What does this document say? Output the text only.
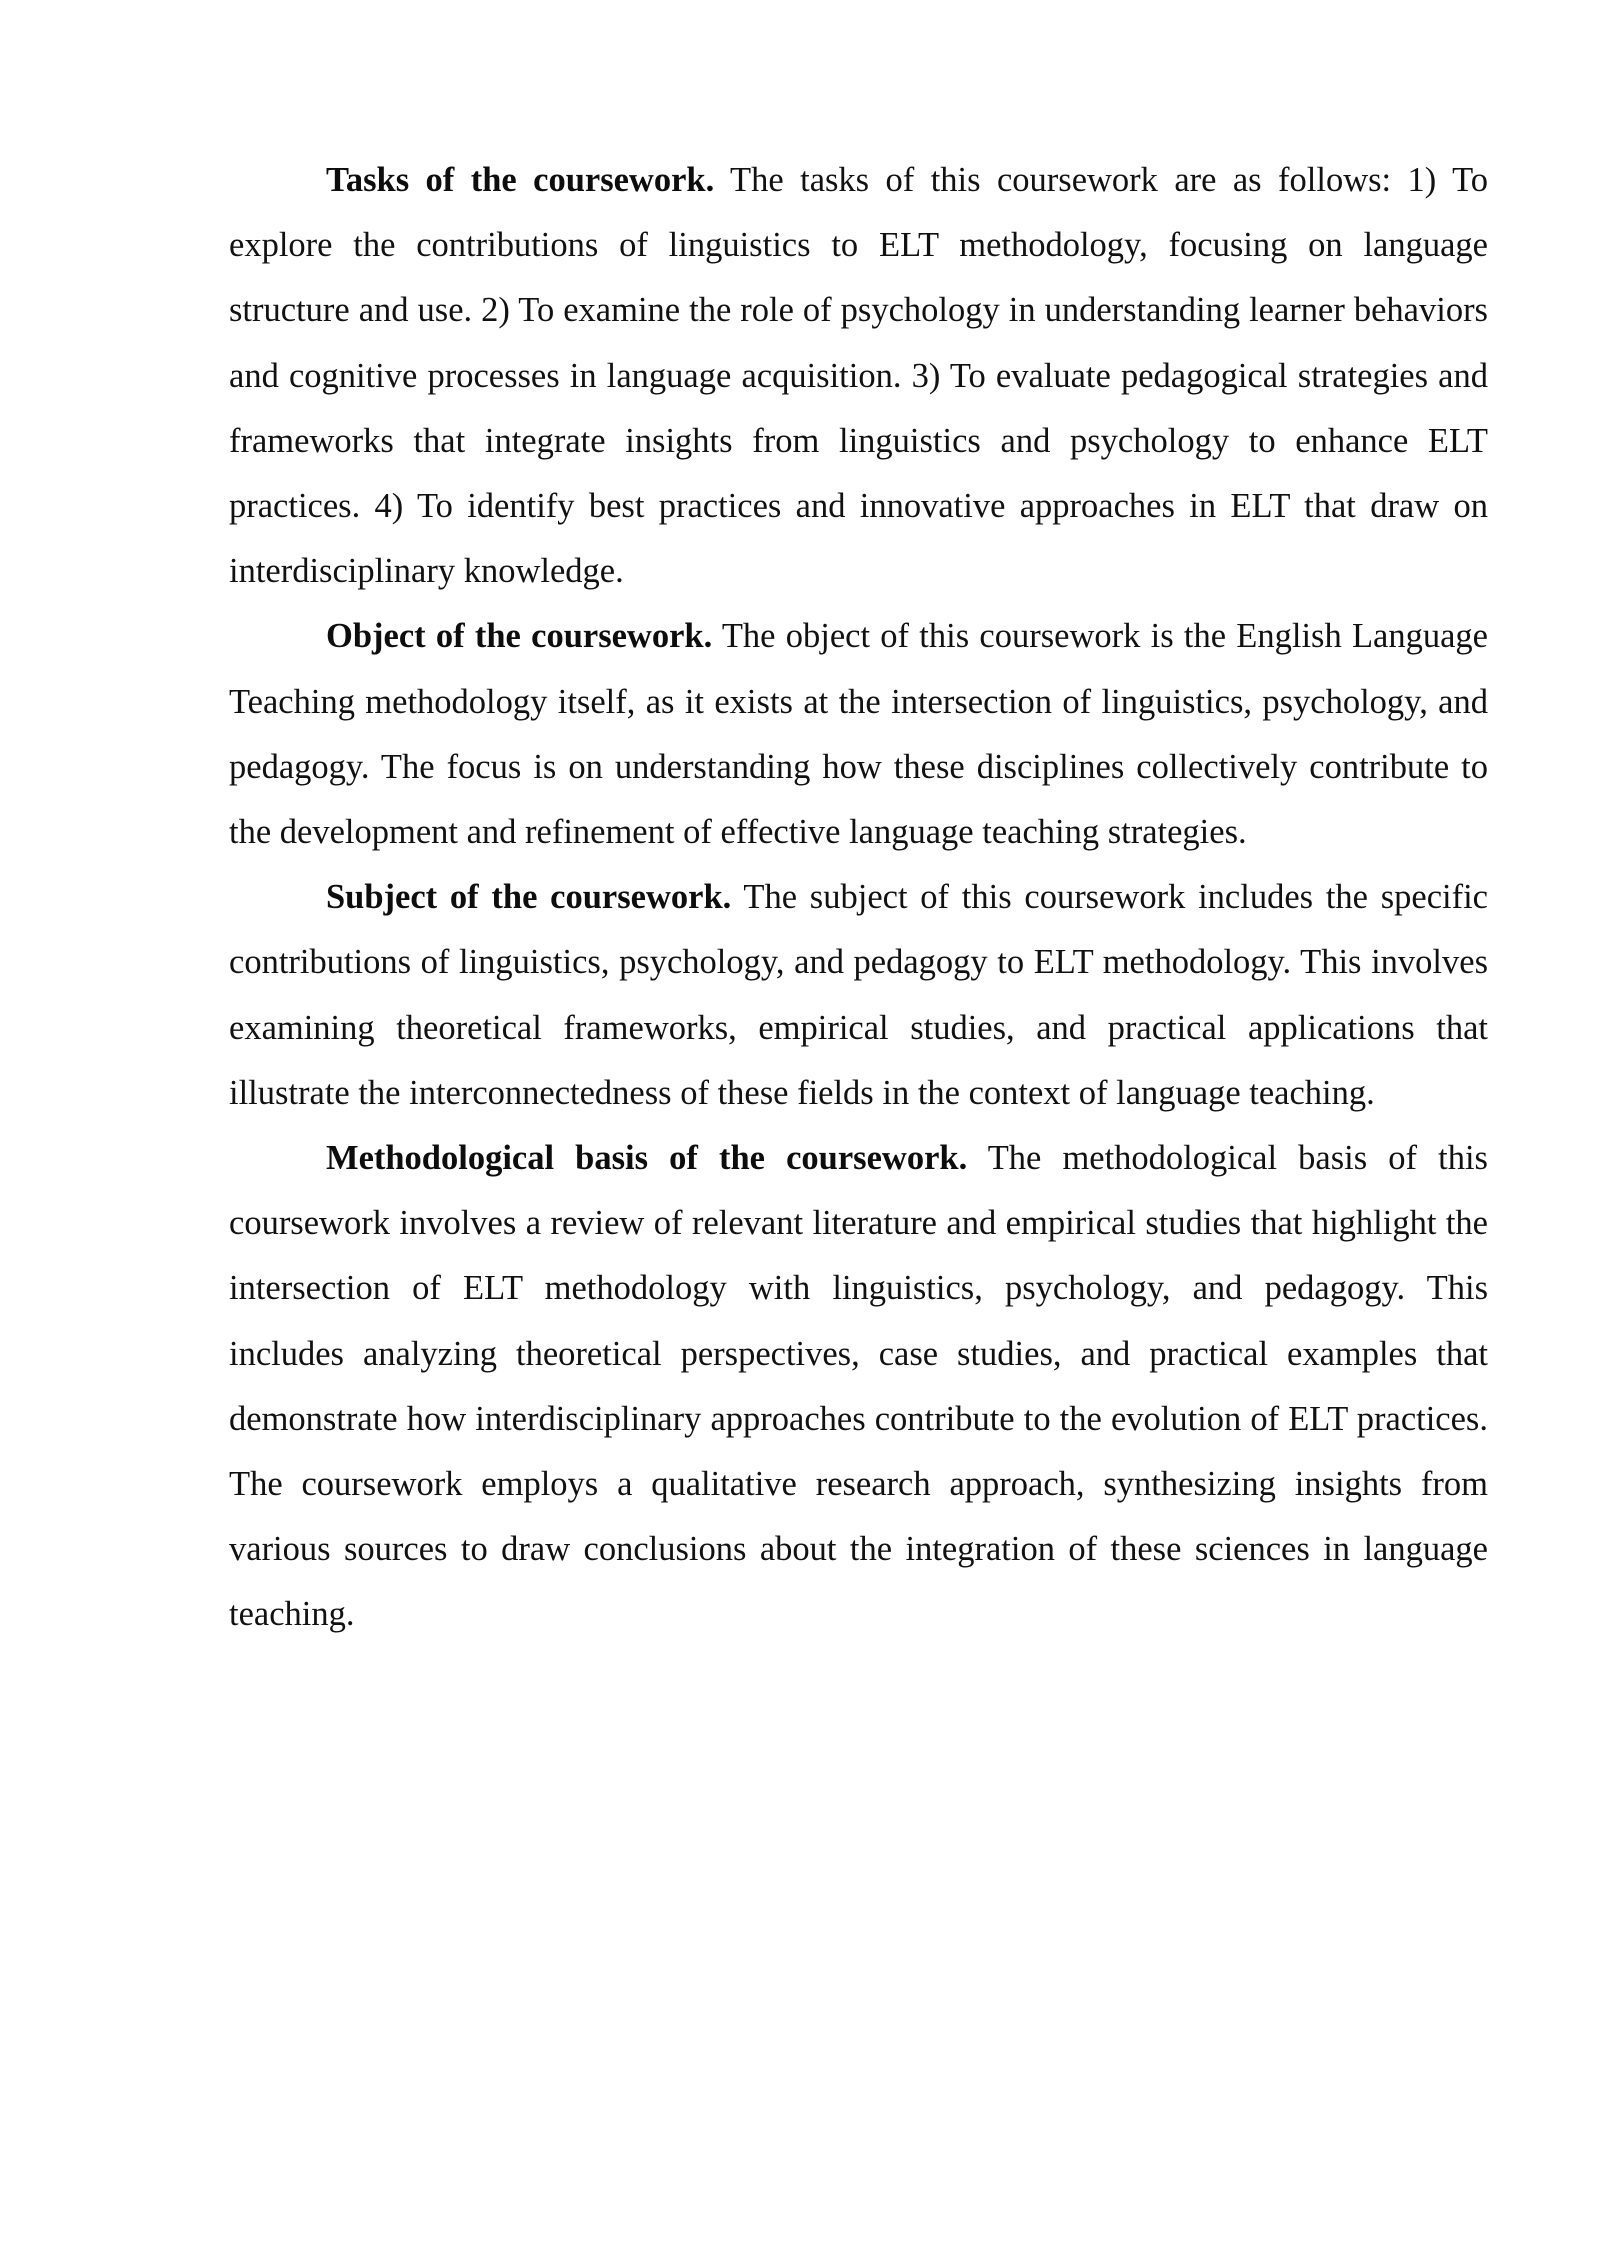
Tasks of the coursework. The tasks of this coursework are as follows: 1) To explore the contributions of linguistics to ELT methodology, focusing on language structure and use. 2) To examine the role of psychology in understanding learner behaviors and cognitive processes in language acquisition. 3) To evaluate pedagogical strategies and frameworks that integrate insights from linguistics and psychology to enhance ELT practices. 4) To identify best practices and innovative approaches in ELT that draw on interdisciplinary knowledge.

Object of the coursework. The object of this coursework is the English Language Teaching methodology itself, as it exists at the intersection of linguistics, psychology, and pedagogy. The focus is on understanding how these disciplines collectively contribute to the development and refinement of effective language teaching strategies.

Subject of the coursework. The subject of this coursework includes the specific contributions of linguistics, psychology, and pedagogy to ELT methodology. This involves examining theoretical frameworks, empirical studies, and practical applications that illustrate the interconnectedness of these fields in the context of language teaching.

Methodological basis of the coursework. The methodological basis of this coursework involves a review of relevant literature and empirical studies that highlight the intersection of ELT methodology with linguistics, psychology, and pedagogy. This includes analyzing theoretical perspectives, case studies, and practical examples that demonstrate how interdisciplinary approaches contribute to the evolution of ELT practices. The coursework employs a qualitative research approach, synthesizing insights from various sources to draw conclusions about the integration of these sciences in language teaching.
